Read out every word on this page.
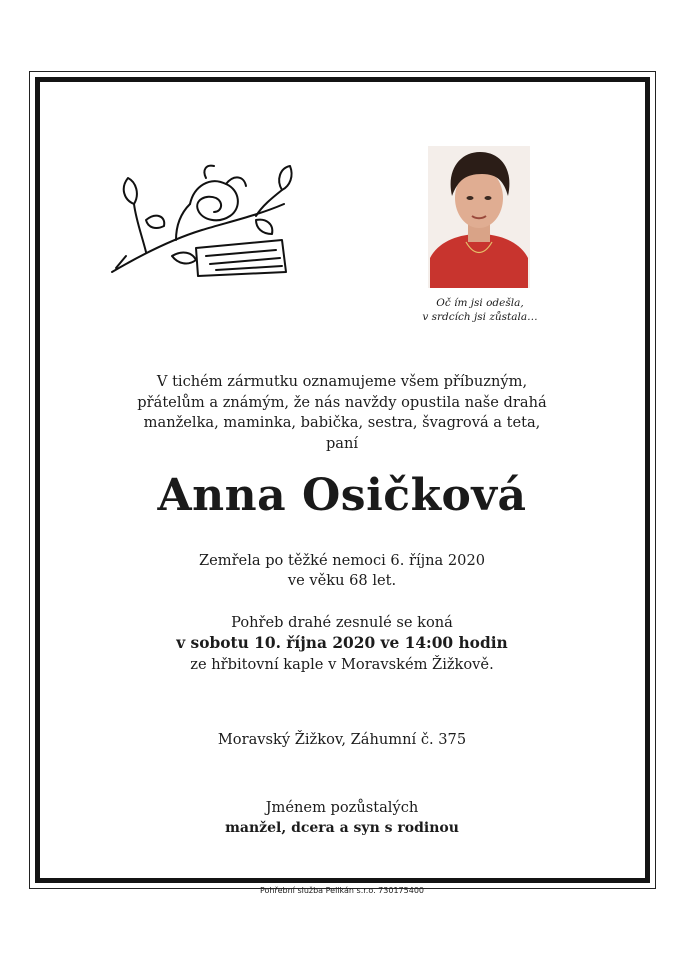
Oč ím jsi odešla,
v srdcích jsi zůstala…
V tichém zármutku oznamujeme všem příbuzným,
přátelům a známým, že nás navždy opustila naše drahá
manželka, maminka, babička, sestra, švagrová a teta,
paní
Anna Osičková
Zemřela po těžké nemoci 6. října 2020
ve věku 68 let.
Pohřeb drahé zesnulé se koná
v sobotu 10. října 2020 ve 14:00 hodin
ze hřbitovní kaple v Moravském Žižkově.
Moravský Žižkov, Záhumní č. 375
Jménem pozůstalých
manžel, dcera a syn s rodinou
Pohřební služba Pelikán s.r.o. 730175400
